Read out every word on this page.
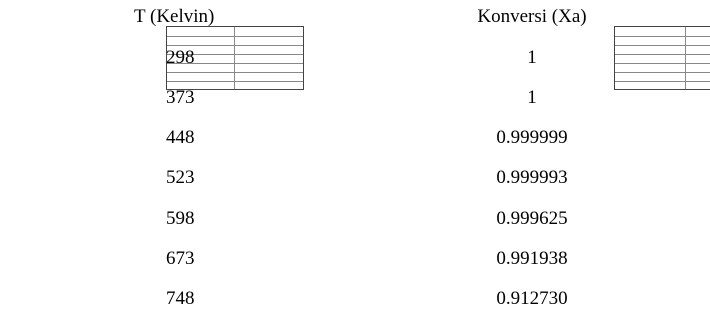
T (Kelvin)	Konversi (Xa)
298	1
373	1
448	0.999999
523	0.999993
598	0.999625
673	0.991938
748	0.912730
